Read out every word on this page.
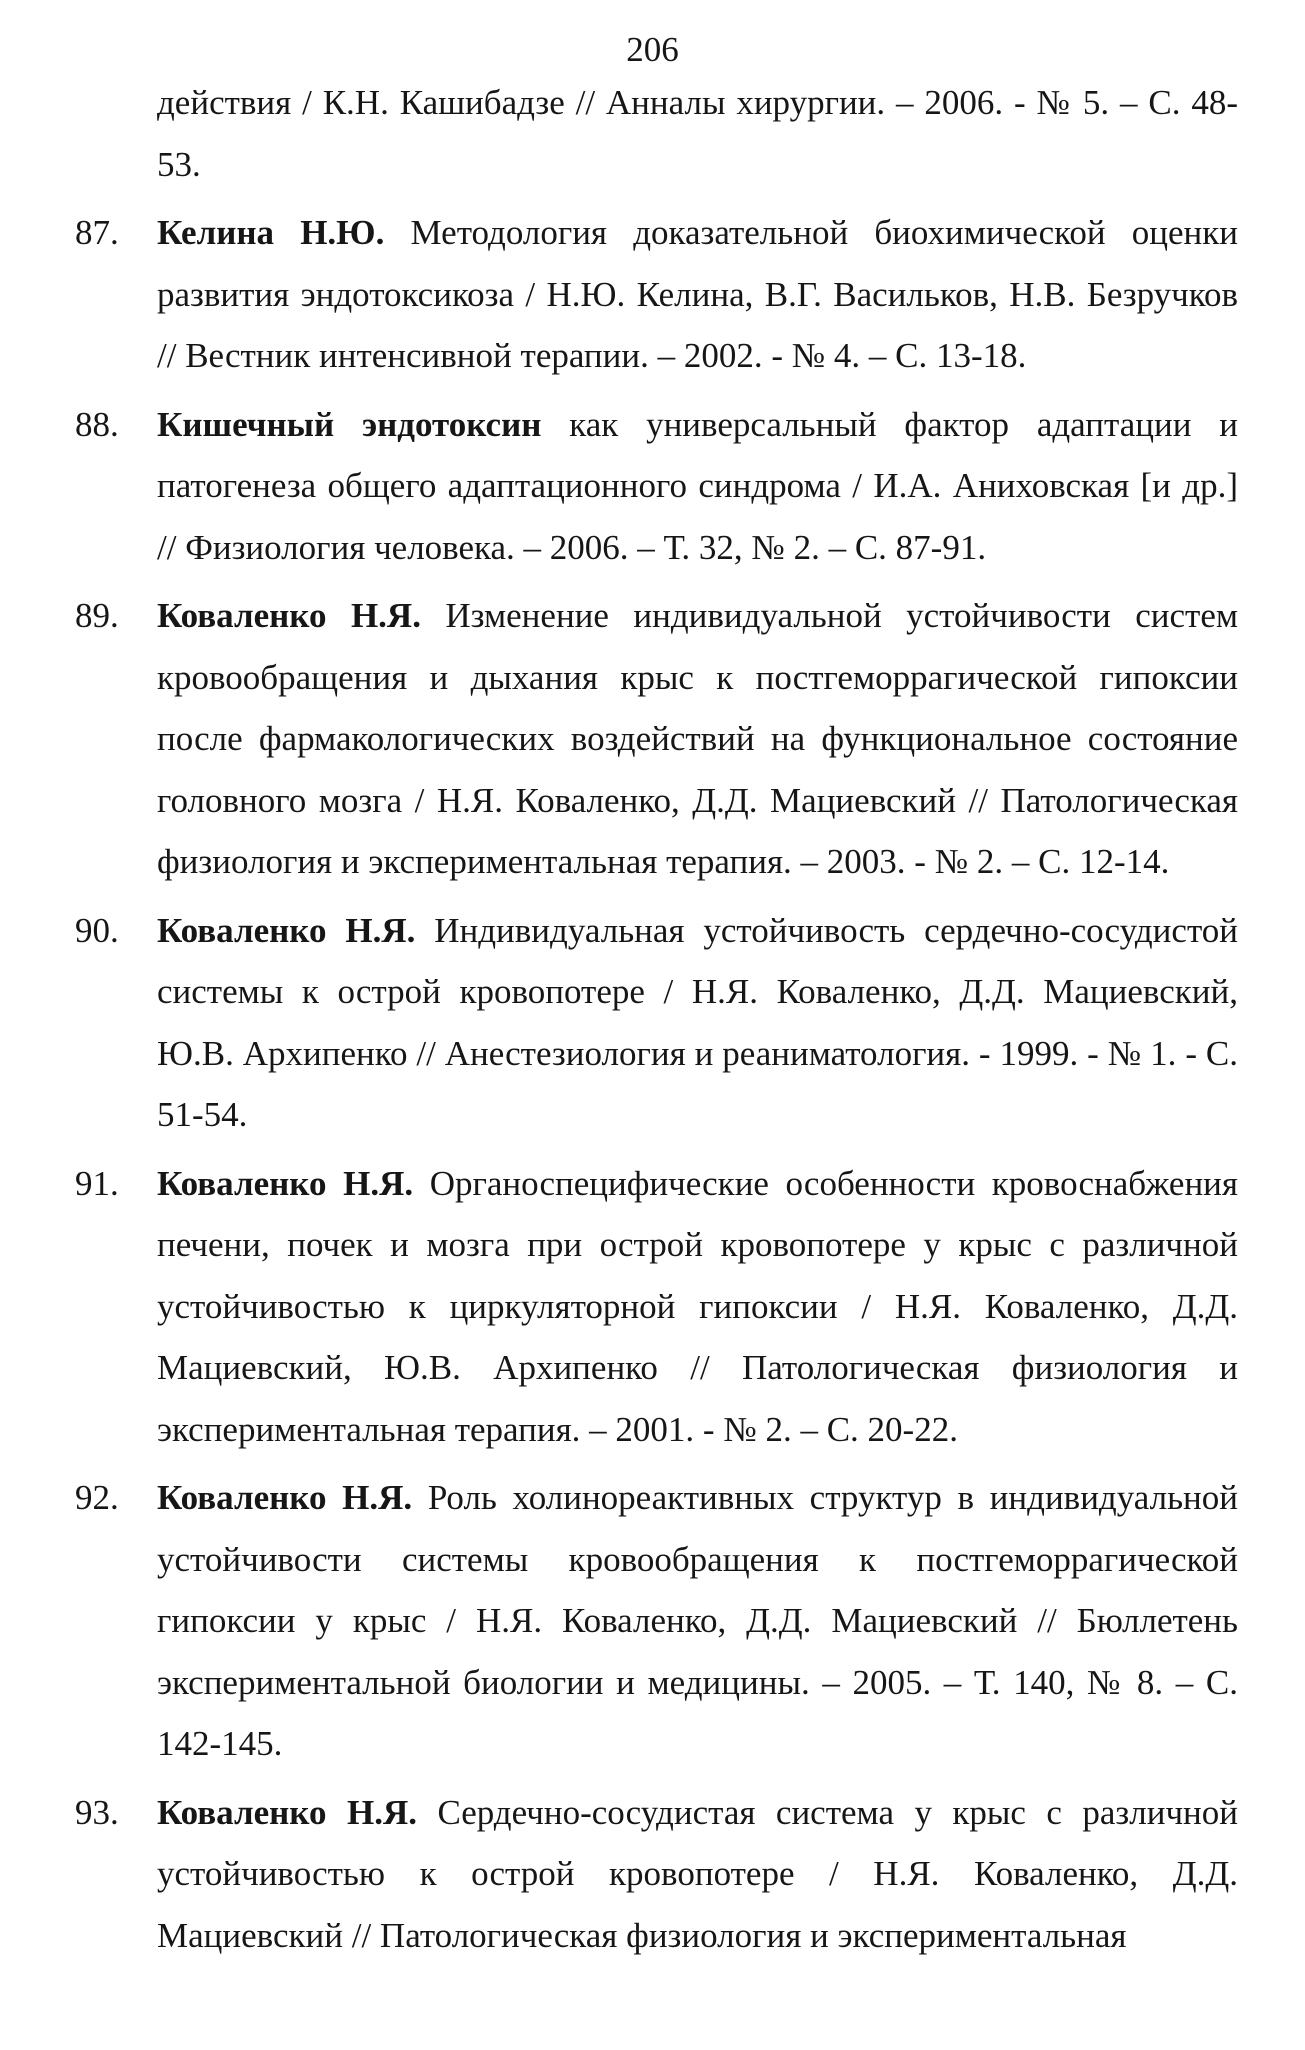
206
действия / К.Н. Кашибадзе // Анналы хирургии. – 2006. - № 5. – С. 48-53.
87. Келина Н.Ю. Методология доказательной биохимической оценки развития эндотоксикоза / Н.Ю. Келина, В.Г. Васильков, Н.В. Безручков // Вестник интенсивной терапии. – 2002. - № 4. – С. 13-18.
88. Кишечный эндотоксин как универсальный фактор адаптации и патогенеза общего адаптационного синдрома / И.А. Аниховская [и др.] // Физиология человека. – 2006. – Т. 32, № 2. – С. 87-91.
89. Коваленко Н.Я. Изменение индивидуальной устойчивости систем кровообращения и дыхания крыс к постгеморрагической гипоксии после фармакологических воздействий на функциональное состояние головного мозга / Н.Я. Коваленко, Д.Д. Мациевский // Патологическая физиология и экспериментальная терапия. – 2003. - № 2. – С. 12-14.
90. Коваленко Н.Я. Индивидуальная устойчивость сердечно-сосудистой системы к острой кровопотере / Н.Я. Коваленко, Д.Д. Мациевский, Ю.В. Архипенко // Анестезиология и реаниматология. - 1999. - № 1. - С. 51-54.
91. Коваленко Н.Я. Органоспецифические особенности кровоснабжения печени, почек и мозга при острой кровопотере у крыс с различной устойчивостью к циркуляторной гипоксии / Н.Я. Коваленко, Д.Д. Мациевский, Ю.В. Архипенко // Патологическая физиология и экспериментальная терапия. – 2001. - № 2. – С. 20-22.
92. Коваленко Н.Я. Роль холинореактивных структур в индивидуальной устойчивости системы кровообращения к постгеморрагической гипоксии у крыс / Н.Я. Коваленко, Д.Д. Мациевский // Бюллетень экспериментальной биологии и медицины. – 2005. – Т. 140, № 8. – С. 142-145.
93. Коваленко Н.Я. Сердечно-сосудистая система у крыс с различной устойчивостью к острой кровопотере / Н.Я. Коваленко, Д.Д. Мациевский // Патологическая физиология и экспериментальная
